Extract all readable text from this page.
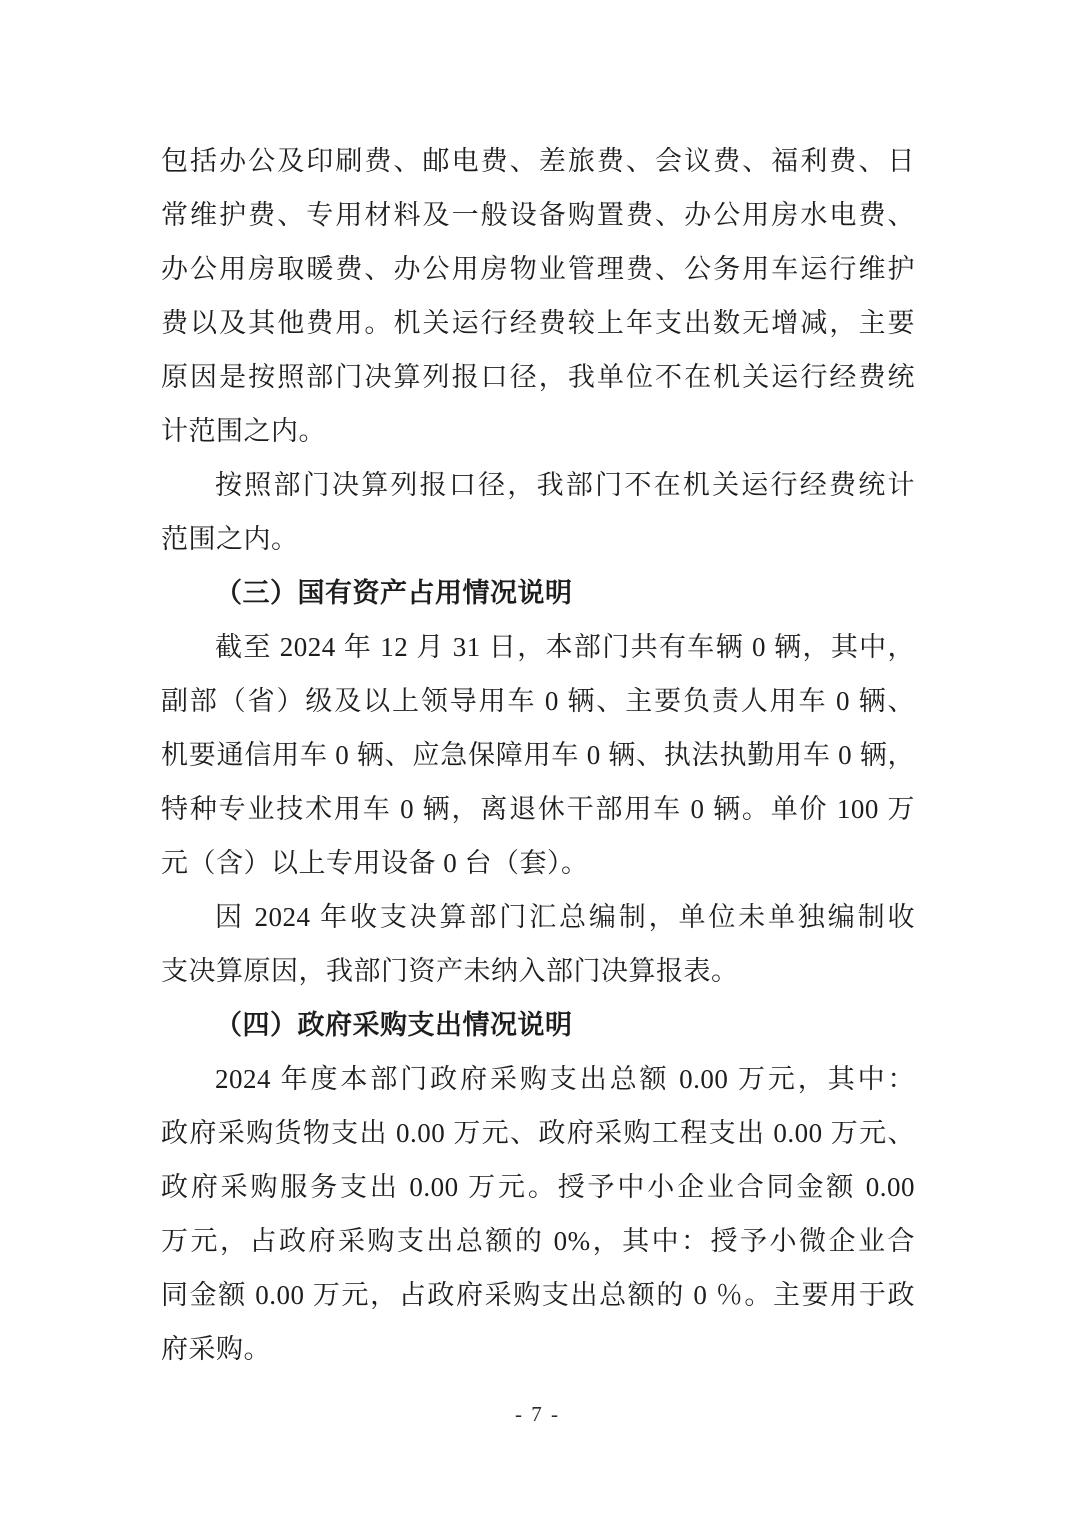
包括办公及印刷费、邮电费、差旅费、会议费、福利费、日
常维护费、专用材料及一般设备购置费、办公用房水电费、
办公用房取暖费、办公用房物业管理费、公务用车运行维护
费以及其他费用。机关运行经费较上年支出数无增减，主要
原因是按照部门决算列报口径，我单位不在机关运行经费统
计范围之内。
按照部门决算列报口径，我部门不在机关运行经费统计
范围之内。
（三）国有资产占用情况说明
截至 2024 年 12 月 31 日，本部门共有车辆 0 辆，其中，
副部（省）级及以上领导用车 0 辆、主要负责人用车 0 辆、
机要通信用车 0 辆、应急保障用车 0 辆、执法执勤用车 0 辆，
特种专业技术用车 0 辆，离退休干部用车 0 辆。单价 100 万
元（含）以上专用设备 0 台（套）。
因 2024 年收支决算部门汇总编制，单位未单独编制收
支决算原因，我部门资产未纳入部门决算报表。
（四）政府采购支出情况说明
2024 年度本部门政府采购支出总额 0.00 万元，其中：
政府采购货物支出 0.00 万元、政府采购工程支出 0.00 万元、
政府采购服务支出 0.00 万元。授予中小企业合同金额 0.00
万元，占政府采购支出总额的 0%，其中：授予小微企业合
同金额 0.00 万元，占政府采购支出总额的 0 ％。主要用于政
府采购。
- 7 -
